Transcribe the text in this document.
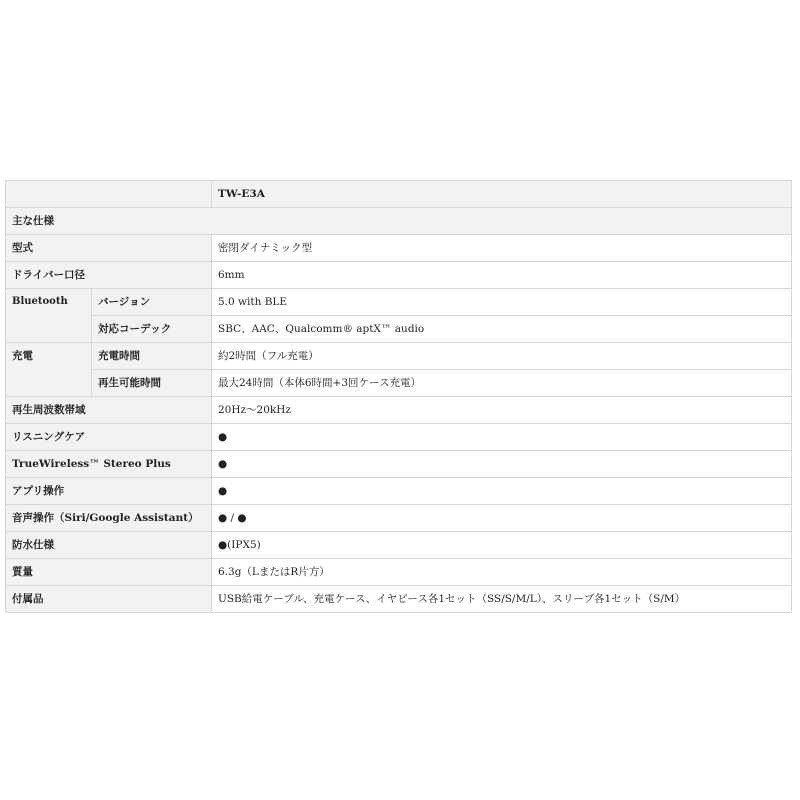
		TW-E3A
主な仕様		
型式		密閉ダイナミック型
ドライバー口径		6mm
Bluetooth	バージョン	5.0 with BLE
	対応コーデック	SBC、AAC、Qualcomm® aptX™ audio
充電	充電時間	約2時間（フル充電）
	再生可能時間	最大24時間（本体6時間+3回ケース充電）
再生周波数帯域		20Hz～20kHz
リスニングケア		●
TrueWireless™ Stereo Plus		●
アプリ操作		●
音声操作（Siri/Google Assistant）		● / ●
防水仕様		●(IPX5)
質量		6.3g（LまたはR片方）
付属品		USB給電ケーブル、充電ケース、イヤピース各1セット（SS/S/M/L）、スリーブ各1セット（S/M）
